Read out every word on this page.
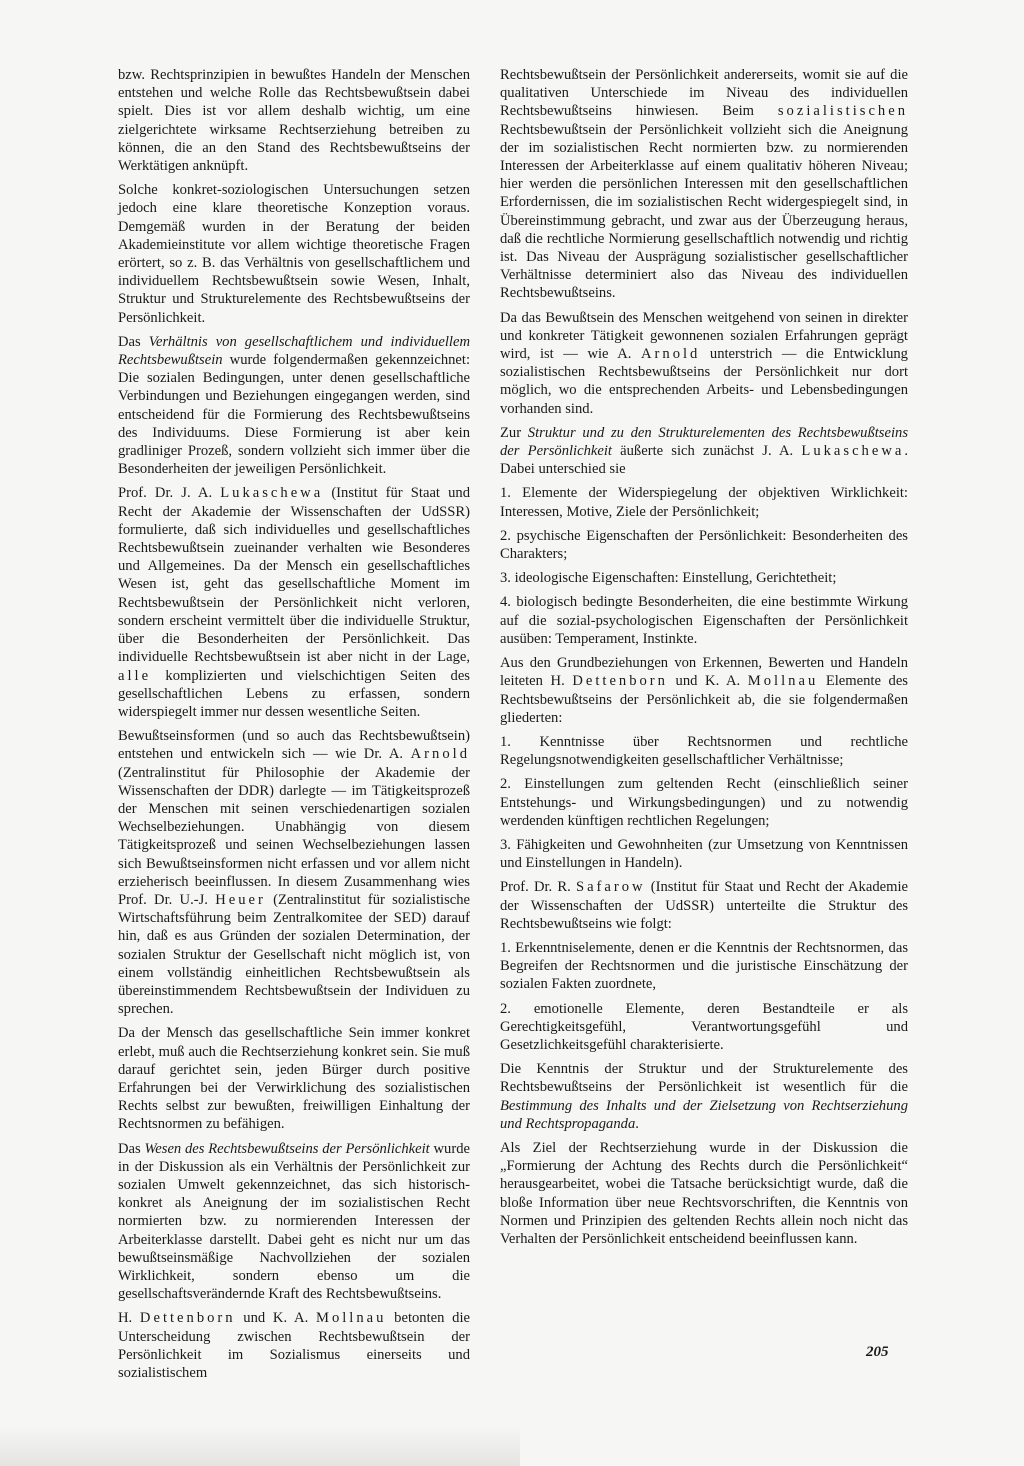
bzw. Rechtsprinzipien in bewußtes Handeln der Menschen entstehen und welche Rolle das Rechtsbewußtsein dabei spielt. Dies ist vor allem deshalb wichtig, um eine zielgerichtete wirksame Rechtserziehung betreiben zu können, die an den Stand des Rechtsbewußtseins der Werktätigen anknüpft.

Solche konkret-soziologischen Untersuchungen setzen jedoch eine klare theoretische Konzeption voraus. Demgemäß wurden in der Beratung der beiden Akademieinstitute vor allem wichtige theoretische Fragen erörtert, so z. B. das Verhältnis von gesellschaftlichem und individuellem Rechtsbewußtsein sowie Wesen, Inhalt, Struktur und Strukturelemente des Rechtsbewußtseins der Persönlichkeit.

Das Verhältnis von gesellschaftlichem und individuellem Rechtsbewußtsein wurde folgendermaßen gekennzeichnet: Die sozialen Bedingungen, unter denen gesellschaftliche Verbindungen und Beziehungen eingegangen werden, sind entscheidend für die Formierung des Rechtsbewußtseins des Individuums. Diese Formierung ist aber kein gradliniger Prozeß, sondern vollzieht sich immer über die Besonderheiten der jeweiligen Persönlichkeit.

Prof. Dr. J. A. Lukaschewa (Institut für Staat und Recht der Akademie der Wissenschaften der UdSSR) formulierte, daß sich individuelles und gesellschaftliches Rechtsbewußtsein zueinander verhalten wie Besonderes und Allgemeines. Da der Mensch ein gesellschaftliches Wesen ist, geht das gesellschaftliche Moment im Rechtsbewußtsein der Persönlichkeit nicht verloren, sondern erscheint vermittelt über die individuelle Struktur, über die Besonderheiten der Persönlichkeit. Das individuelle Rechtsbewußtsein ist aber nicht in der Lage, alle komplizierten und vielschichtigen Seiten des gesellschaftlichen Lebens zu erfassen, sondern widerspiegelt immer nur dessen wesentliche Seiten.

Bewußtseinsformen (und so auch das Rechtsbewußtsein) entstehen und entwickeln sich — wie Dr. A. Arnold (Zentralinstitut für Philosophie der Akademie der Wissenschaften der DDR) darlegte — im Tätigkeitsprozeß der Menschen mit seinen verschiedenartigen sozialen Wechselbeziehungen. Unabhängig von diesem Tätigkeitsprozeß und seinen Wechselbeziehungen lassen sich Bewußtseinsformen nicht erfassen und vor allem nicht erzieherisch beeinflussen. In diesem Zusammenhang wies Prof. Dr. U.-J. Heuer (Zentralinstitut für sozialistische Wirtschaftsführung beim Zentralkomitee der SED) darauf hin, daß es aus Gründen der sozialen Determination, der sozialen Struktur der Gesellschaft nicht möglich ist, von einem vollständig einheitlichen Rechtsbewußtsein als übereinstimmendem Rechtsbewußtsein der Individuen zu sprechen.

Da der Mensch das gesellschaftliche Sein immer konkret erlebt, muß auch die Rechtserziehung konkret sein. Sie muß darauf gerichtet sein, jeden Bürger durch positive Erfahrungen bei der Verwirklichung des sozialistischen Rechts selbst zur bewußten, freiwilligen Einhaltung der Rechtsnormen zu befähigen.

Das Wesen des Rechtsbewußtseins der Persönlichkeit wurde in der Diskussion als ein Verhältnis der Persönlichkeit zur sozialen Umwelt gekennzeichnet, das sich historisch-konkret als Aneignung der im sozialistischen Recht normierten bzw. zu normierenden Interessen der Arbeiterklasse darstellt. Dabei geht es nicht nur um das bewußtseinsmäßige Nachvollziehen der sozialen Wirklichkeit, sondern ebenso um die gesellschaftsverändernde Kraft des Rechtsbewußtseins.

H. Dettenborn und K. A. Mollnau betonten die Unterscheidung zwischen Rechtsbewußtsein der Persönlichkeit im Sozialismus einerseits und sozialistischem

Rechtsbewußtsein der Persönlichkeit andererseits, womit sie auf die qualitativen Unterschiede im Niveau des individuellen Rechtsbewußtseins hinwiesen. Beim sozialistischen Rechtsbewußtsein der Persönlichkeit vollzieht sich die Aneignung der im sozialistischen Recht normierten bzw. zu normierenden Interessen der Arbeiterklasse auf einem qualitativ höheren Niveau; hier werden die persönlichen Interessen mit den gesellschaftlichen Erfordernissen, die im sozialistischen Recht widergespiegelt sind, in Übereinstimmung gebracht, und zwar aus der Überzeugung heraus, daß die rechtliche Normierung gesellschaftlich notwendig und richtig ist. Das Niveau der Ausprägung sozialistischer gesellschaftlicher Verhältnisse determiniert also das Niveau des individuellen Rechtsbewußtseins.

Da das Bewußtsein des Menschen weitgehend von seinen in direkter und konkreter Tätigkeit gewonnenen sozialen Erfahrungen geprägt wird, ist — wie A. Arnold unterstrich — die Entwicklung sozialistischen Rechtsbewußtseins der Persönlichkeit nur dort möglich, wo die entsprechenden Arbeits- und Lebensbedingungen vorhanden sind.

Zur Struktur und zu den Strukturelementen des Rechtsbewußtseins der Persönlichkeit äußerte sich zunächst J. A. Lukaschewa. Dabei unterschied sie

1. Elemente der Widerspiegelung der objektiven Wirklichkeit: Interessen, Motive, Ziele der Persönlichkeit;

2. psychische Eigenschaften der Persönlichkeit: Besonderheiten des Charakters;

3. ideologische Eigenschaften: Einstellung, Gerichtetheit;

4. biologisch bedingte Besonderheiten, die eine bestimmte Wirkung auf die sozial-psychologischen Eigenschaften der Persönlichkeit ausüben: Temperament, Instinkte.

Aus den Grundbeziehungen von Erkennen, Bewerten und Handeln leiteten H. Dettenborn und K. A. Mollnau Elemente des Rechtsbewußtseins der Persönlichkeit ab, die sie folgendermaßen gliederten:

1. Kenntnisse über Rechtsnormen und rechtliche Regelungsnotwendigkeiten gesellschaftlicher Verhältnisse;

2. Einstellungen zum geltenden Recht (einschließlich seiner Entstehungs- und Wirkungsbedingungen) und zu notwendig werdenden künftigen rechtlichen Regelungen;

3. Fähigkeiten und Gewohnheiten (zur Umsetzung von Kenntnissen und Einstellungen in Handeln).

Prof. Dr. R. Safarow (Institut für Staat und Recht der Akademie der Wissenschaften der UdSSR) unterteilte die Struktur des Rechtsbewußtseins wie folgt:

1. Erkenntniselemente, denen er die Kenntnis der Rechtsnormen, das Begreifen der Rechtsnormen und die juristische Einschätzung der sozialen Fakten zuordnete,

2. emotionelle Elemente, deren Bestandteile er als Gerechtigkeitsgefühl, Verantwortungsgefühl und Gesetzlichkeitsgefühl charakterisierte.

Die Kenntnis der Struktur und der Strukturelemente des Rechtsbewußtseins der Persönlichkeit ist wesentlich für die Bestimmung des Inhalts und der Zielsetzung von Rechtserziehung und Rechtspropaganda.

Als Ziel der Rechtserziehung wurde in der Diskussion die „Formierung der Achtung des Rechts durch die Persönlichkeit“ herausgearbeitet, wobei die Tatsache berücksichtigt wurde, daß die bloße Information über neue Rechtsvorschriften, die Kenntnis von Normen und Prinzipien des geltenden Rechts allein noch nicht das Verhalten der Persönlichkeit entscheidend beeinflussen kann.

205
